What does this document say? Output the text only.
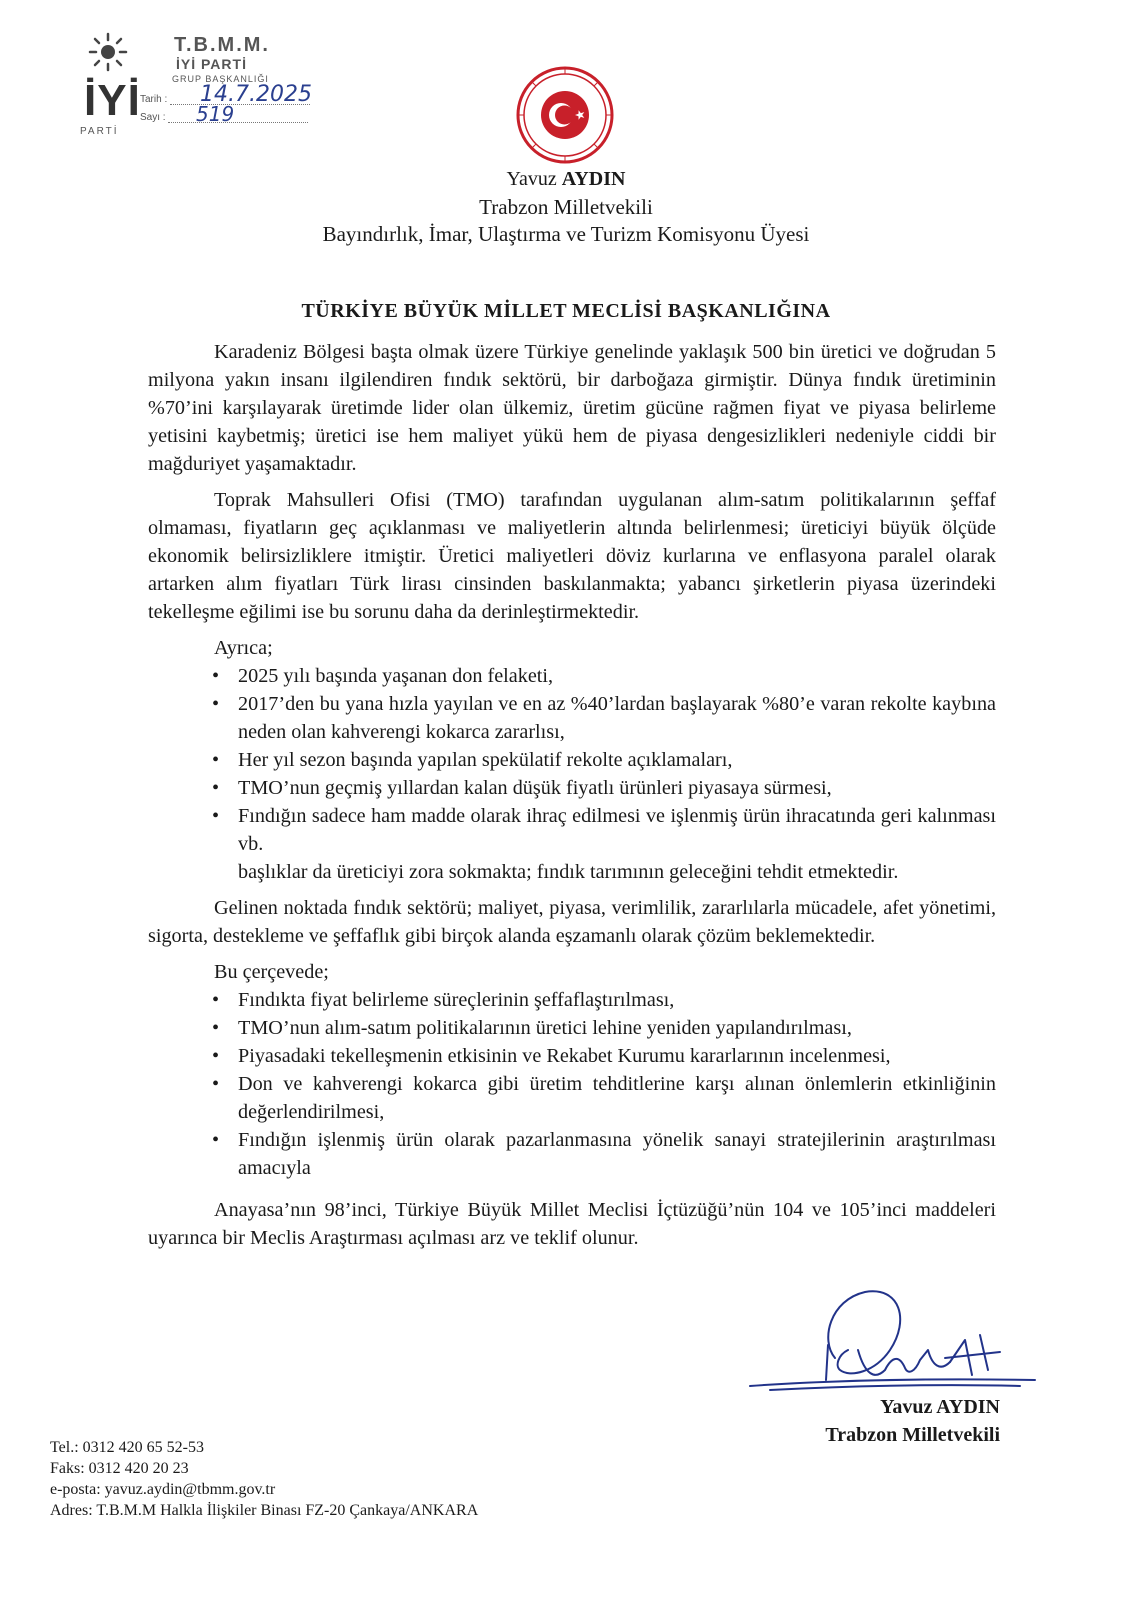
İYİ
PARTİ
T.B.M.M.
İYİ PARTİ
GRUP BAŞKANLIĞI
Tarih :
Sayı :
14.7.2025
519
Yavuz AYDIN
Trabzon Milletvekili
Bayındırlık, İmar, Ulaştırma ve Turizm Komisyonu Üyesi
TÜRKİYE BÜYÜK MİLLET MECLİSİ BAŞKANLIĞINA

Karadeniz Bölgesi başta olmak üzere Türkiye genelinde yaklaşık 500 bin üretici ve doğrudan 5 milyona yakın insanı ilgilendiren fındık sektörü, bir darboğaza girmiştir. Dünya fındık üretiminin %70’ini karşılayarak üretimde lider olan ülkemiz, üretim gücüne rağmen fiyat ve piyasa belirleme yetisini kaybetmiş; üretici ise hem maliyet yükü hem de piyasa dengesizlikleri nedeniyle ciddi bir mağduriyet yaşamaktadır.

Toprak Mahsulleri Ofisi (TMO) tarafından uygulanan alım-satım politikalarının şeffaf olmaması, fiyatların geç açıklanması ve maliyetlerin altında belirlenmesi; üreticiyi büyük ölçüde ekonomik belirsizliklere itmiştir. Üretici maliyetleri döviz kurlarına ve enflasyona paralel olarak artarken alım fiyatları Türk lirası cinsinden baskılanmakta; yabancı şirketlerin piyasa üzerindeki tekelleşme eğilimi ise bu sorunu daha da derinleştirmektedir.

Ayrıca;

• 2025 yılı başında yaşanan don felaketi,
• 2017’den bu yana hızla yayılan ve en az %40’lardan başlayarak %80’e varan rekolte kaybına neden olan kahverengi kokarca zararlısı,
• Her yıl sezon başında yapılan spekülatif rekolte açıklamaları,
• TMO’nun geçmiş yıllardan kalan düşük fiyatlı ürünleri piyasaya sürmesi,
• Fındığın sadece ham madde olarak ihraç edilmesi ve işlenmiş ürün ihracatında geri kalınması vb.

başlıklar da üreticiyi zora sokmakta; fındık tarımının geleceğini tehdit etmektedir.

Gelinen noktada fındık sektörü; maliyet, piyasa, verimlilik, zararlılarla mücadele, afet yönetimi, sigorta, destekleme ve şeffaflık gibi birçok alanda eşzamanlı olarak çözüm beklemektedir.

Bu çerçevede;

• Fındıkta fiyat belirleme süreçlerinin şeffaflaştırılması,
• TMO’nun alım-satım politikalarının üretici lehine yeniden yapılandırılması,
• Piyasadaki tekelleşmenin etkisinin ve Rekabet Kurumu kararlarının incelenmesi,
• Don ve kahverengi kokarca gibi üretim tehditlerine karşı alınan önlemlerin etkinliğinin değerlendirilmesi,
• Fındığın işlenmiş ürün olarak pazarlanmasına yönelik sanayi stratejilerinin araştırılması amacıyla

Anayasa’nın 98’inci, Türkiye Büyük Millet Meclisi İçtüzüğü’nün 104 ve 105’inci maddeleri uyarınca bir Meclis Araştırması açılması arz ve teklif olunur.

Yavuz AYDIN
Trabzon Milletvekili
Tel.: 0312 420 65 52-53
Faks: 0312 420 20 23
e-posta: yavuz.aydin@tbmm.gov.tr
Adres: T.B.M.M Halkla İlişkiler Binası FZ-20 Çankaya/ANKARA
